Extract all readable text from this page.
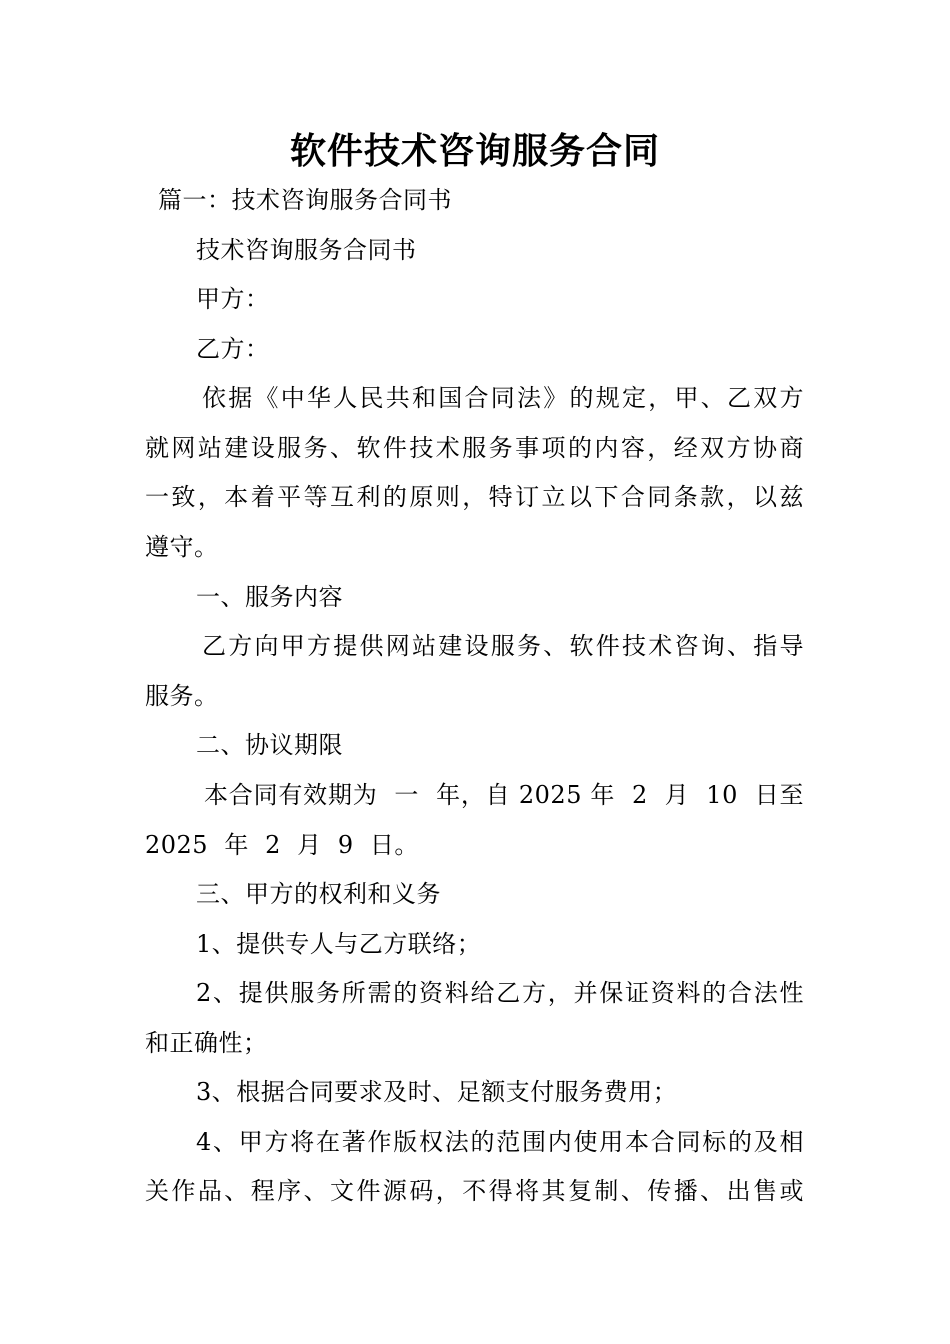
软件技术咨询服务合同
篇一：技术咨询服务合同书
技术咨询服务合同书
甲方：
乙方：
依据《中华人民共和国合同法》的规定，甲、乙双方
就网站建设服务、软件技术服务事项的内容，经双方协商
一致，本着平等互利的原则，特订立以下合同条款，以兹
遵守。
一、服务内容
乙方向甲方提供网站建设服务、软件技术咨询、指导
服务。
二、协议期限
本合同有效期为  一  年，自 2025 年  2  月  10  日至
2025  年  2  月  9  日。
三、甲方的权利和义务
1、提供专人与乙方联络；
2、提供服务所需的资料给乙方，并保证资料的合法性
和正确性；
3、根据合同要求及时、足额支付服务费用；
4、甲方将在著作版权法的范围内使用本合同标的及相
关作品、程序、文件源码，不得将其复制、传播、出售或
